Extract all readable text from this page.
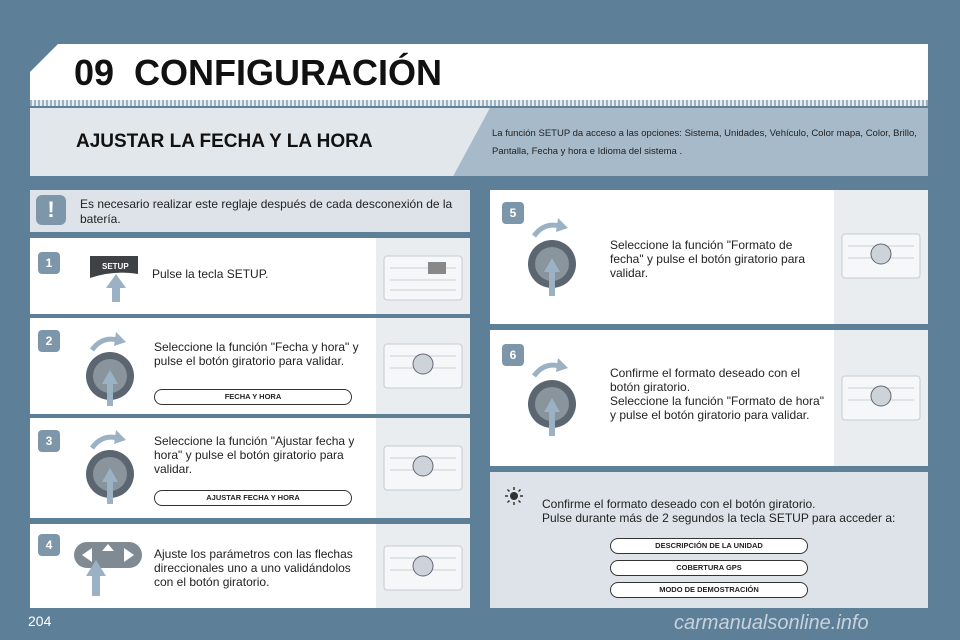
09 CONFIGURACIÓN
AJUSTAR LA FECHA Y LA HORA	La función SETUP da acceso a las opciones: Sistema, Unidades, Vehículo, Color mapa, Color, Brillo, Pantalla, Fecha y hora e Idioma del sistema .
!	Es necesario realizar este reglaje después de cada desconexión de la batería.
1	SETUP
Pulse la tecla SETUP.
2	Seleccione la función "Fecha y hora" y pulse el botón giratorio para validar.
FECHA Y HORA
3	Seleccione la función "Ajustar fecha y hora" y pulse el botón giratorio para validar.
AJUSTAR FECHA Y HORA
4
Ajuste los parámetros con las flechas direccionales uno a uno validándolos con el botón giratorio.
5
Seleccione la función "Formato de fecha" y pulse el botón giratorio para validar.
6
Confirme el formato deseado con el botón giratorio.
Seleccione la función "Formato de hora" y pulse el botón giratorio para validar.
Confirme el formato deseado con el botón giratorio.
Pulse durante más de 2 segundos la tecla SETUP para acceder a:
DESCRIPCIÓN DE LA UNIDAD
COBERTURA GPS
MODO DE DEMOSTRACIÓN
204	carmanualsonline.info
